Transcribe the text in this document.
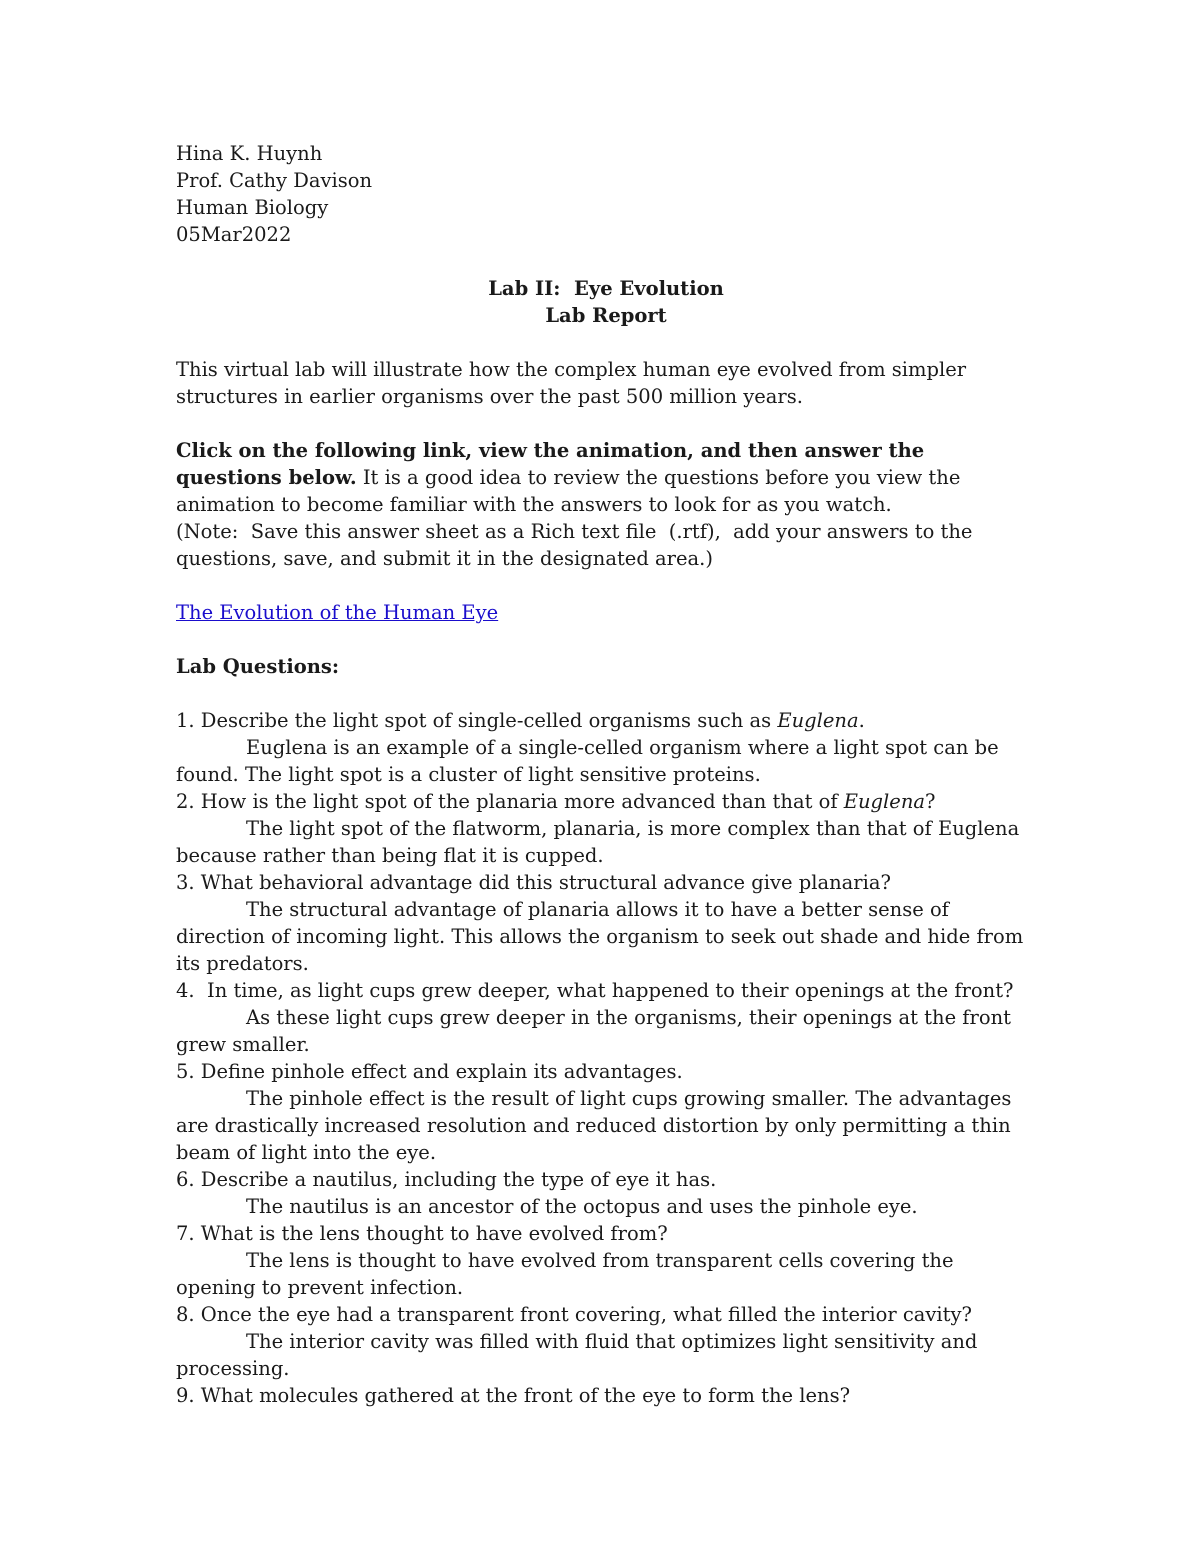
Hina K. Huynh
Prof. Cathy Davison
Human Biology
05Mar2022
Lab II:  Eye Evolution
Lab Report
This virtual lab will illustrate how the complex human eye evolved from simpler structures in earlier organisms over the past 500 million years.
Click on the following link, view the animation, and then answer the questions below. It is a good idea to review the questions before you view the animation to become familiar with the answers to look for as you watch.
(Note:  Save this answer sheet as a Rich text file  (.rtf),  add your answers to the questions, save, and submit it in the designated area.)
The Evolution of the Human Eye
Lab Questions:
1. Describe the light spot of single-celled organisms such as Euglena.
Euglena is an example of a single-celled organism where a light spot can be found. The light spot is a cluster of light sensitive proteins.
2. How is the light spot of the planaria more advanced than that of Euglena?
The light spot of the flatworm, planaria, is more complex than that of Euglena because rather than being flat it is cupped.
3. What behavioral advantage did this structural advance give planaria?
The structural advantage of planaria allows it to have a better sense of direction of incoming light. This allows the organism to seek out shade and hide from its predators.
4.  In time, as light cups grew deeper, what happened to their openings at the front?
As these light cups grew deeper in the organisms, their openings at the front grew smaller.
5. Define pinhole effect and explain its advantages.
The pinhole effect is the result of light cups growing smaller. The advantages are drastically increased resolution and reduced distortion by only permitting a thin beam of light into the eye.
6. Describe a nautilus, including the type of eye it has.
The nautilus is an ancestor of the octopus and uses the pinhole eye.
7. What is the lens thought to have evolved from?
The lens is thought to have evolved from transparent cells covering the opening to prevent infection.
8. Once the eye had a transparent front covering, what filled the interior cavity?
The interior cavity was filled with fluid that optimizes light sensitivity and processing.
9. What molecules gathered at the front of the eye to form the lens?
